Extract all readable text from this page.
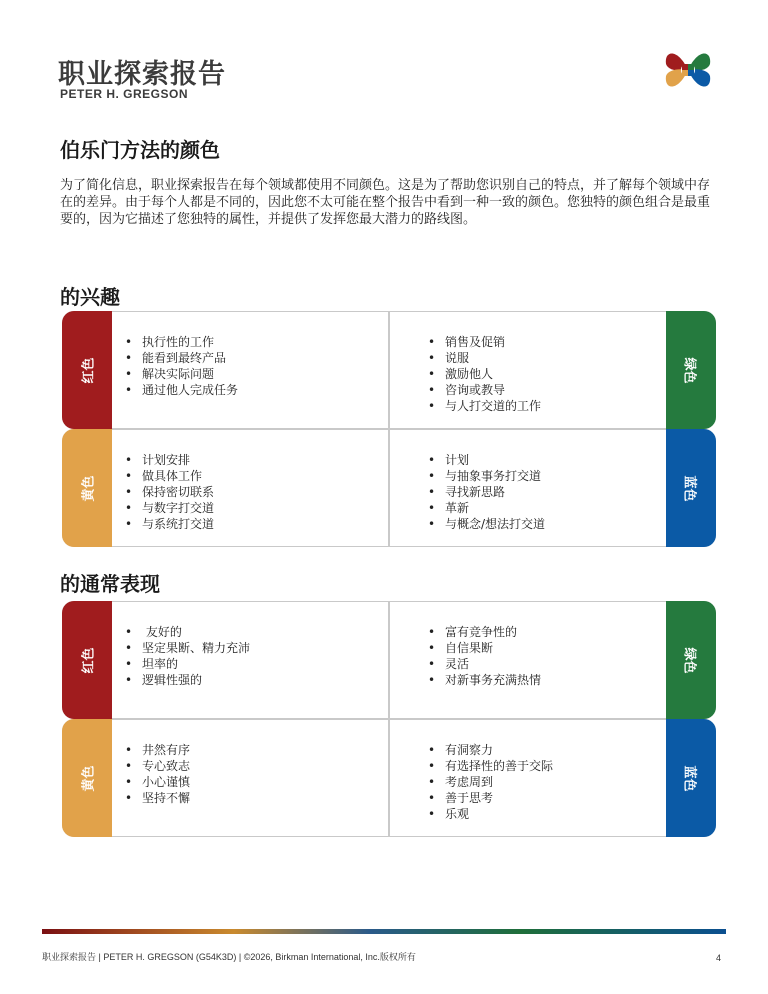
职业探索报告
PETER H. GREGSON
伯乐门方法的颜色
为了简化信息，职业探索报告在每个领域都使用不同颜色。这是为了帮助您识别自己的特点，并了解每个领域中存在的差异。由于每个人都是不同的，因此您不太可能在整个报告中看到一种一致的颜色。您独特的颜色组合是最重要的，因为它描述了您独特的属性，并提供了发挥您最大潜力的路线图。
的兴趣
红色
• 执行性的工作
• 能看到最终产品
• 解决实际问题
• 通过他人完成任务
• 销售及促销
• 说服
• 激励他人
• 咨询或教导
• 与人打交道的工作
绿色
黄色
• 计划安排
• 做具体工作
• 保持密切联系
• 与数字打交道
• 与系统打交道
• 计划
• 与抽象事务打交道
• 寻找新思路
• 革新
• 与概念/想法打交道
蓝色
的通常表现
红色
•  友好的
• 坚定果断、精力充沛
• 坦率的
• 逻辑性强的
• 富有竞争性的
• 自信果断
• 灵活
• 对新事务充满热情
绿色
黄色
• 井然有序
• 专心致志
• 小心谨慎
• 坚持不懈
• 有洞察力
• 有选择性的善于交际
• 考虑周到
• 善于思考
• 乐观
蓝色
职业探索报告 | PETER H. GREGSON (G54K3D) | ©2026, Birkman International, Inc.版权所有	4
